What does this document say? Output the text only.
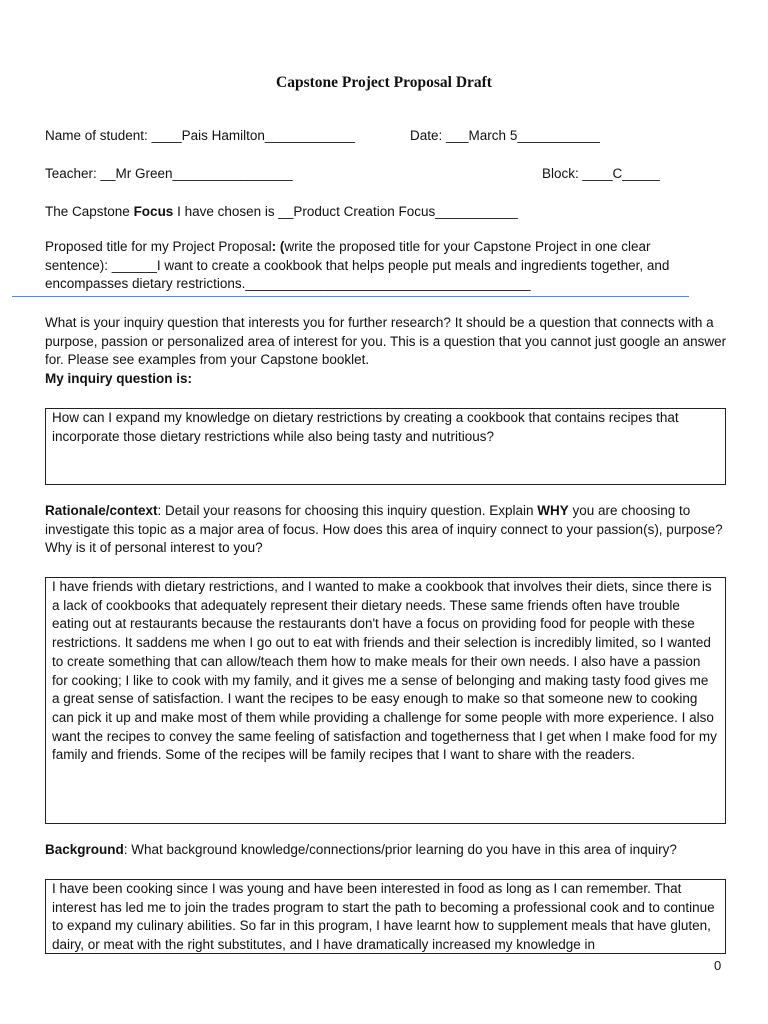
Capstone Project Proposal Draft
Name of student: ____Pais Hamilton____________	Date: ___March 5___________
Teacher: __Mr Green________________	Block: ____C_____
The Capstone Focus I have chosen is __Product Creation Focus___________
Proposed title for my Project Proposal: (write the proposed title for your Capstone Project in one clear sentence): ______I want to create a cookbook that helps people put meals and ingredients together, and encompasses dietary restrictions.______________________________________
What is your inquiry question that interests you for further research? It should be a question that connects with a purpose, passion or personalized area of interest for you. This is a question that you cannot just google an answer for. Please see examples from your Capstone booklet.
My inquiry question is:
How can I expand my knowledge on dietary restrictions by creating a cookbook that contains recipes that incorporate those dietary restrictions while also being tasty and nutritious?
Rationale/context: Detail your reasons for choosing this inquiry question. Explain WHY you are choosing to investigate this topic as a major area of focus. How does this area of inquiry connect to your passion(s), purpose? Why is it of personal interest to you?
I have friends with dietary restrictions, and I wanted to make a cookbook that involves their diets, since there is a lack of cookbooks that adequately represent their dietary needs. These same friends often have trouble eating out at restaurants because the restaurants don't have a focus on providing food for people with these restrictions. It saddens me when I go out to eat with friends and their selection is incredibly limited, so I wanted to create something that can allow/teach them how to make meals for their own needs. I also have a passion for cooking; I like to cook with my family, and it gives me a sense of belonging and making tasty food gives me a great sense of satisfaction. I want the recipes to be easy enough to make so that someone new to cooking can pick it up and make most of them while providing a challenge for some people with more experience. I also want the recipes to convey the same feeling of satisfaction and togetherness that I get when I make food for my family and friends. Some of the recipes will be family recipes that I want to share with the readers.
Background: What background knowledge/connections/prior learning do you have in this area of inquiry?
I have been cooking since I was young and have been interested in food as long as I can remember. That interest has led me to join the trades program to start the path to becoming a professional cook and to continue to expand my culinary abilities. So far in this program, I have learnt how to supplement meals that have gluten, dairy, or meat with the right substitutes, and I have dramatically increased my knowledge in
0
